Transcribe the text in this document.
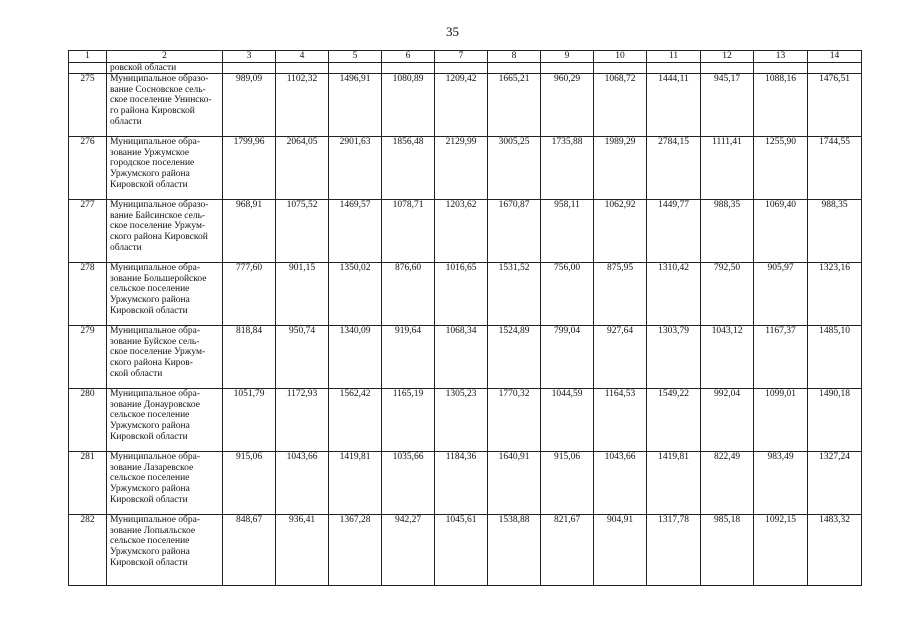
35
1	2	3	4	5	6	7	8	9	10	11	12	13	14
	ровской области												
275	Муниципальное образо-
вание Сосновское сель-
ское поселение Унинско-
го района Кировской
области	989,09	1102,32	1496,91	1080,89	1209,42	1665,21	960,29	1068,72	1444,11	945,17	1088,16	1476,51
276	Муниципальное обра-
зование Уржумское
городское поселение
Уржумского района
Кировской области	1799,96	2064,05	2901,63	1856,48	2129,99	3005,25	1735,88	1989,29	2784,15	1111,41	1255,90	1744,55
277	Муниципальное образо-
вание Байсинское сель-
ское поселение Уржум-
ского района Кировской
области	968,91	1075,52	1469,57	1078,71	1203,62	1670,87	958,11	1062,92	1449,77	988,35	1069,40	988,35
278	Муниципальное обра-
зование Большеройское
сельское поселение
Уржумского района
Кировской области	777,60	901,15	1350,02	876,60	1016,65	1531,52	756,00	875,95	1310,42	792,50	905,97	1323,16
279	Муниципальное обра-
зование Буйское сель-
ское поселение Уржум-
ского района Киров-
ской области	818,84	950,74	1340,09	919,64	1068,34	1524,89	799,04	927,64	1303,79	1043,12	1167,37	1485,10
280	Муниципальное обра-
зование Донауровское
сельское поселение
Уржумского района
Кировской области	1051,79	1172,93	1562,42	1165,19	1305,23	1770,32	1044,59	1164,53	1549,22	992,04	1099,01	1490,18
281	Муниципальное обра-
зование Лазаревское
сельское поселение
Уржумского района
Кировской области	915,06	1043,66	1419,81	1035,66	1184,36	1640,91	915,06	1043,66	1419,81	822,49	983,49	1327,24
282	Муниципальное обра-
зование Лопьяльское
сельское поселение
Уржумского района
Кировской области	848,67	936,41	1367,28	942,27	1045,61	1538,88	821,67	904,91	1317,78	985,18	1092,15	1483,32
